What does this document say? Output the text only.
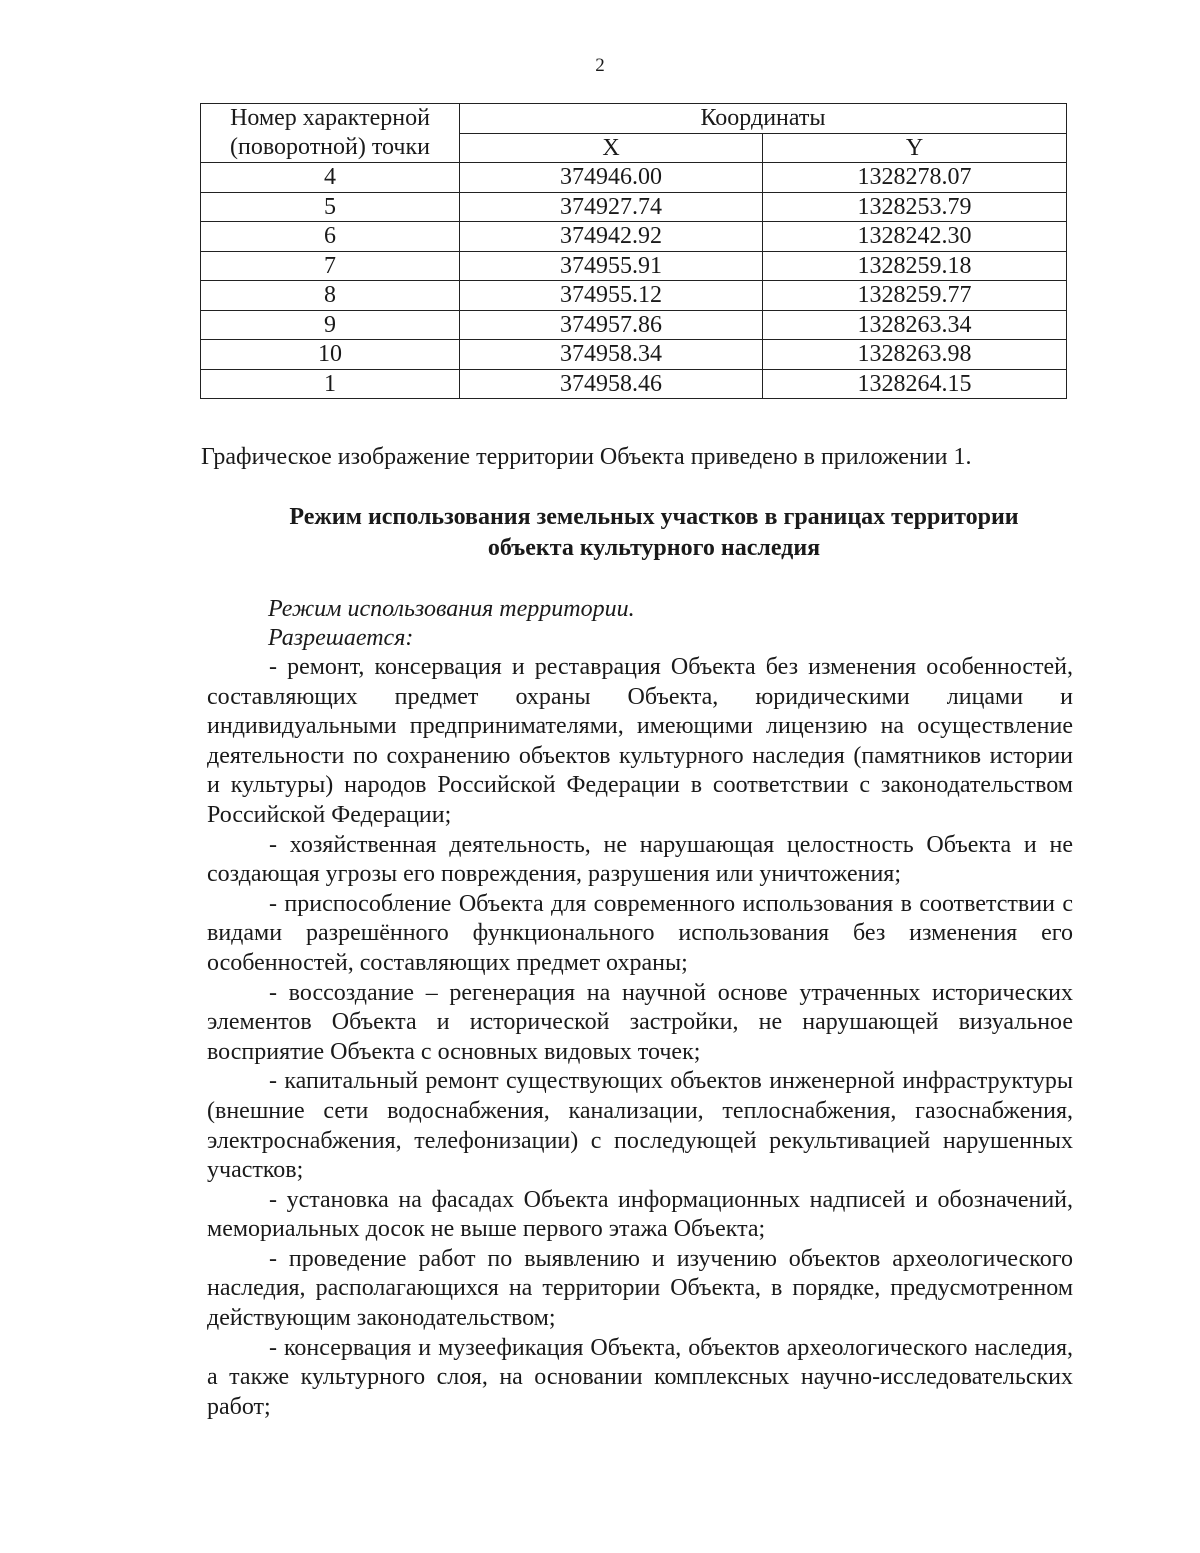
2
Номер характерной
(поворотной) точки	Координаты	
	X	Y
4	374946.00	1328278.07
5	374927.74	1328253.79
6	374942.92	1328242.30
7	374955.91	1328259.18
8	374955.12	1328259.77
9	374957.86	1328263.34
10	374958.34	1328263.98
1	374958.46	1328264.15

Графическое изображение территории Объекта приведено в приложении 1.

Режим использования земельных участков в границах территории
объекта культурного наследия
Режим использования территории.
Разрешается:

- ремонт, консервация и реставрация Объекта без изменения особенностей, составляющих предмет охраны Объекта, юридическими лицами и индивидуальными предпринимателями, имеющими лицензию на осуществление деятельности по сохранению объектов культурного наследия (памятников истории и культуры) народов Российской Федерации в соответствии с законодательством Российской Федерации;

- хозяйственная деятельность, не нарушающая целостность Объекта и не создающая угрозы его повреждения, разрушения или уничтожения;

- приспособление Объекта для современного использования в соответствии с видами разрешённого функционального использования без изменения его особенностей, составляющих предмет охраны;

- воссоздание – регенерация на научной основе утраченных исторических элементов Объекта и исторической застройки, не нарушающей визуальное восприятие Объекта с основных видовых точек;

- капитальный ремонт существующих объектов инженерной инфраструктуры (внешние сети водоснабжения, канализации, теплоснабжения, газоснабжения, электроснабжения, телефонизации) с последующей рекультивацией нарушенных участков;

- установка на фасадах Объекта информационных надписей и обозначений, мемориальных досок не выше первого этажа Объекта;

- проведение работ по выявлению и изучению объектов археологического наследия, располагающихся на территории Объекта, в порядке, предусмотренном действующим законодательством;

- консервация и музеефикация Объекта, объектов археологического наследия, а также культурного слоя, на основании комплексных научно-исследовательских работ;
